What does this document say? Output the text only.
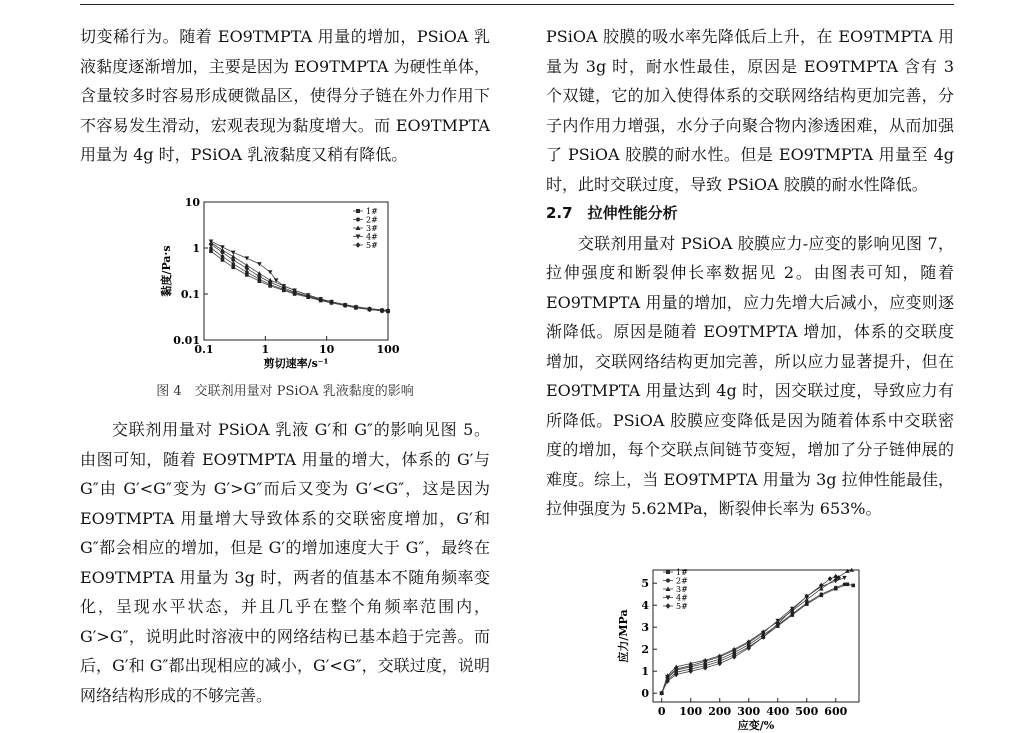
切变稀行为。随着 EO9TMPTA 用量的增加，PSiOA 乳液黏度逐渐增加，主要是因为 EO9TMPTA 为硬性单体，含量较多时容易形成硬微晶区，使得分子链在外力作用下不容易发生滑动，宏观表现为黏度增大。而 EO9TMPTA 用量为 4g 时，PSiOA 乳液黏度又稍有降低。

0.1	1	10	100
0.01
0.1
1
10
剪切速率/s⁻¹
黏度/Pa·s
1#
2#
3#
4#
5#
图 4　交联剂用量对 PSiOA 乳液黏度的影响

交联剂用量对 PSiOA 乳液 G′和 G″的影响见图 5。由图可知，随着 EO9TMPTA 用量的增大，体系的 G′与 G″由 G′<G″变为 G′>G″而后又变为 G′<G″，这是因为 EO9TMPTA 用量增大导致体系的交联密度增加，G′和 G″都会相应的增加，但是 G′的增加速度大于 G″，最终在 EO9TMPTA 用量为 3g 时，两者的值基本不随角频率变化，呈现水平状态，并且几乎在整个角频率范围内，G′>G″，说明此时溶液中的网络结构已基本趋于完善。而后，G′和 G″都出现相应的减小，G′<G″，交联过度，说明网络结构形成的不够完善。

PSiOA 胶膜的吸水率先降低后上升，在 EO9TMPTA 用量为 3g 时，耐水性最佳，原因是 EO9TMPTA 含有 3 个双键，它的加入使得体系的交联网络结构更加完善，分子内作用力增强，水分子向聚合物内渗透困难，从而加强了 PSiOA 胶膜的耐水性。但是 EO9TMPTA 用量至 4g 时，此时交联过度，导致 PSiOA 胶膜的耐水性降低。

2.7　拉伸性能分析

交联剂用量对 PSiOA 胶膜应力-应变的影响见图 7，拉伸强度和断裂伸长率数据见 2。由图表可知，随着 EO9TMPTA 用量的增加，应力先增大后减小，应变则逐渐降低。原因是随着 EO9TMPTA 增加，体系的交联度增加，交联网络结构更加完善，所以应力显著提升，但在 EO9TMPTA 用量达到 4g 时，因交联过度，导致应力有所降低。PSiOA 胶膜应变降低是因为随着体系中交联密度的增加，每个交联点间链节变短，增加了分子链伸展的难度。综上，当 EO9TMPTA 用量为 3g 拉伸性能最佳，拉伸强度为 5.62MPa，断裂伸长率为 653%。

0 100 200 300 400 500 600
0
1
2
3
4
5
应变/%
应力/MPa
1#
2#
3#
4#
5#
